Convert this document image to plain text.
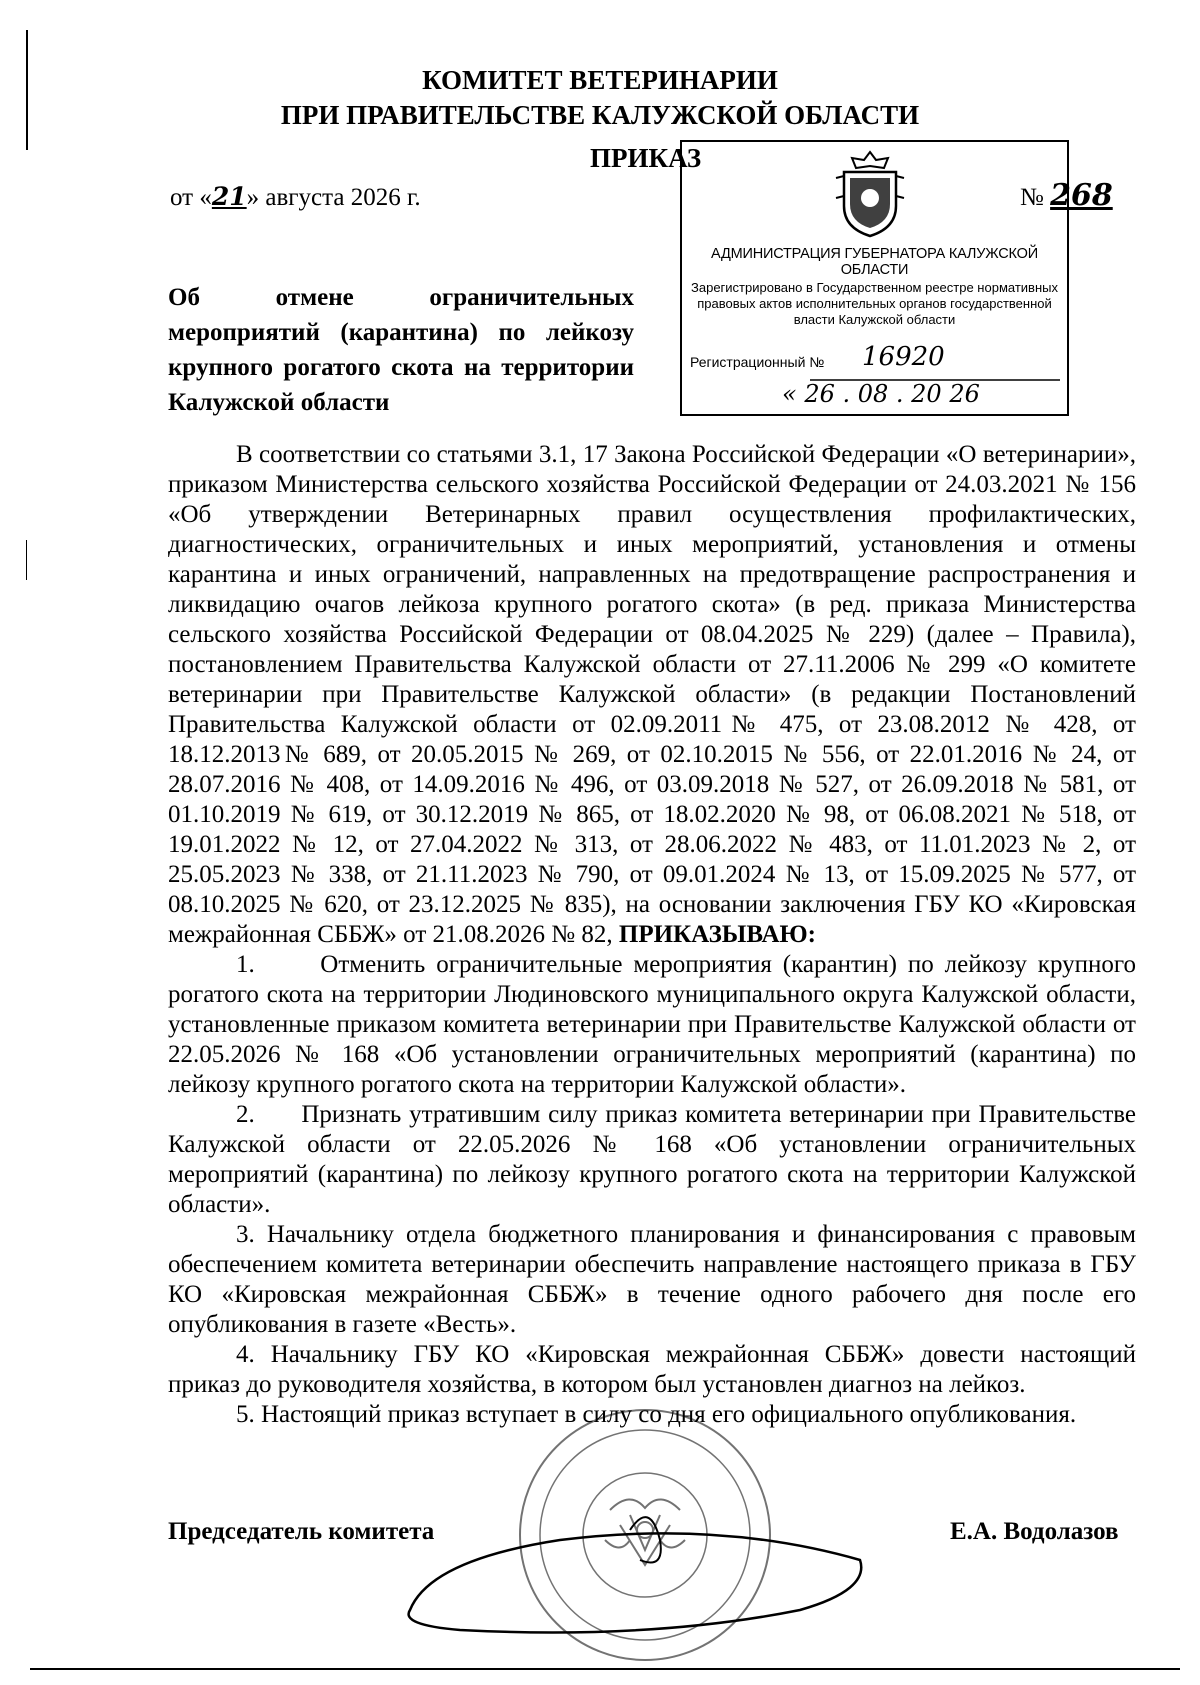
КОМИТЕТ ВЕТЕРИНАРИИ
ПРИ ПРАВИТЕЛЬСТВЕ КАЛУЖСКОЙ ОБЛАСТИ
ПРИКАЗ
от «21» августа 2026 г.	№ 268
Об отмене ограничительных мероприятий (карантина) по лейкозу крупного рогатого скота на территории Калужской области
АДМИНИСТРАЦИЯ ГУБЕРНАТОРА КАЛУЖСКОЙ ОБЛАСТИ
Зарегистрировано в Государственном реестре нормативных правовых актов исполнительных органов государственной власти Калужской области
Регистрационный № 16920
« 26 . 08 . 20 26

В соответствии со статьями 3.1, 17 Закона Российской Федерации «О ветеринарии», приказом Министерства сельского хозяйства Российской Федерации от 24.03.2021 № 156 «Об утверждении Ветеринарных правил осуществления профилактических, диагностических, ограничительных и иных мероприятий, установления и отмены карантина и иных ограничений, направленных на предотвращение распространения и ликвидацию очагов лейкоза крупного рогатого скота» (в ред. приказа Министерства сельского хозяйства Российской Федерации от 08.04.2025 № 229) (далее – Правила), постановлением Правительства Калужской области от 27.11.2006 № 299 «О комитете ветеринарии при Правительстве Калужской области» (в редакции Постановлений Правительства Калужской области от 02.09.2011№ 475, от 23.08.2012 № 428, от 18.12.2013№ 689, от 20.05.2015 № 269, от 02.10.2015 № 556, от 22.01.2016 № 24, от 28.07.2016 № 408, от 14.09.2016 № 496, от 03.09.2018 № 527, от 26.09.2018 № 581, от 01.10.2019 № 619, от 30.12.2019 № 865, от 18.02.2020 № 98, от 06.08.2021 № 518, от 19.01.2022 № 12, от 27.04.2022 № 313, от 28.06.2022 № 483, от 11.01.2023 № 2, от 25.05.2023 № 338, от 21.11.2023 № 790, от 09.01.2024 № 13, от 15.09.2025 № 577, от 08.10.2025 № 620, от 23.12.2025 № 835), на основании заключения ГБУ КО «Кировская межрайонная СББЖ» от 21.08.2026 № 82, ПРИКАЗЫВАЮ:

1.      Отменить ограничительные мероприятия (карантин) по лейкозу крупного рогатого скота на территории Людиновского муниципального округа Калужской области, установленные приказом комитета ветеринарии при Правительстве Калужской области от 22.05.2026 № 168 «Об установлении ограничительных мероприятий (карантина) по лейкозу крупного рогатого скота на территории Калужской области».

2.      Признать утратившим силу приказ комитета ветеринарии при Правительстве Калужской области от 22.05.2026 № 168 «Об установлении ограничительных мероприятий (карантина) по лейкозу крупного рогатого скота на территории Калужской области».

3. Начальнику отдела бюджетного планирования и финансирования с правовым обеспечением комитета ветеринарии обеспечить направление настоящего приказа в ГБУ КО «Кировская межрайонная СББЖ» в течение одного рабочего дня после его опубликования в газете «Весть».

4. Начальнику ГБУ КО «Кировская межрайонная СББЖ» довести настоящий приказ до руководителя хозяйства, в котором был установлен диагноз на лейкоз.

5. Настоящий приказ вступает в силу со дня его официального опубликования.

Председатель комитета	Е.А. Водолазов
